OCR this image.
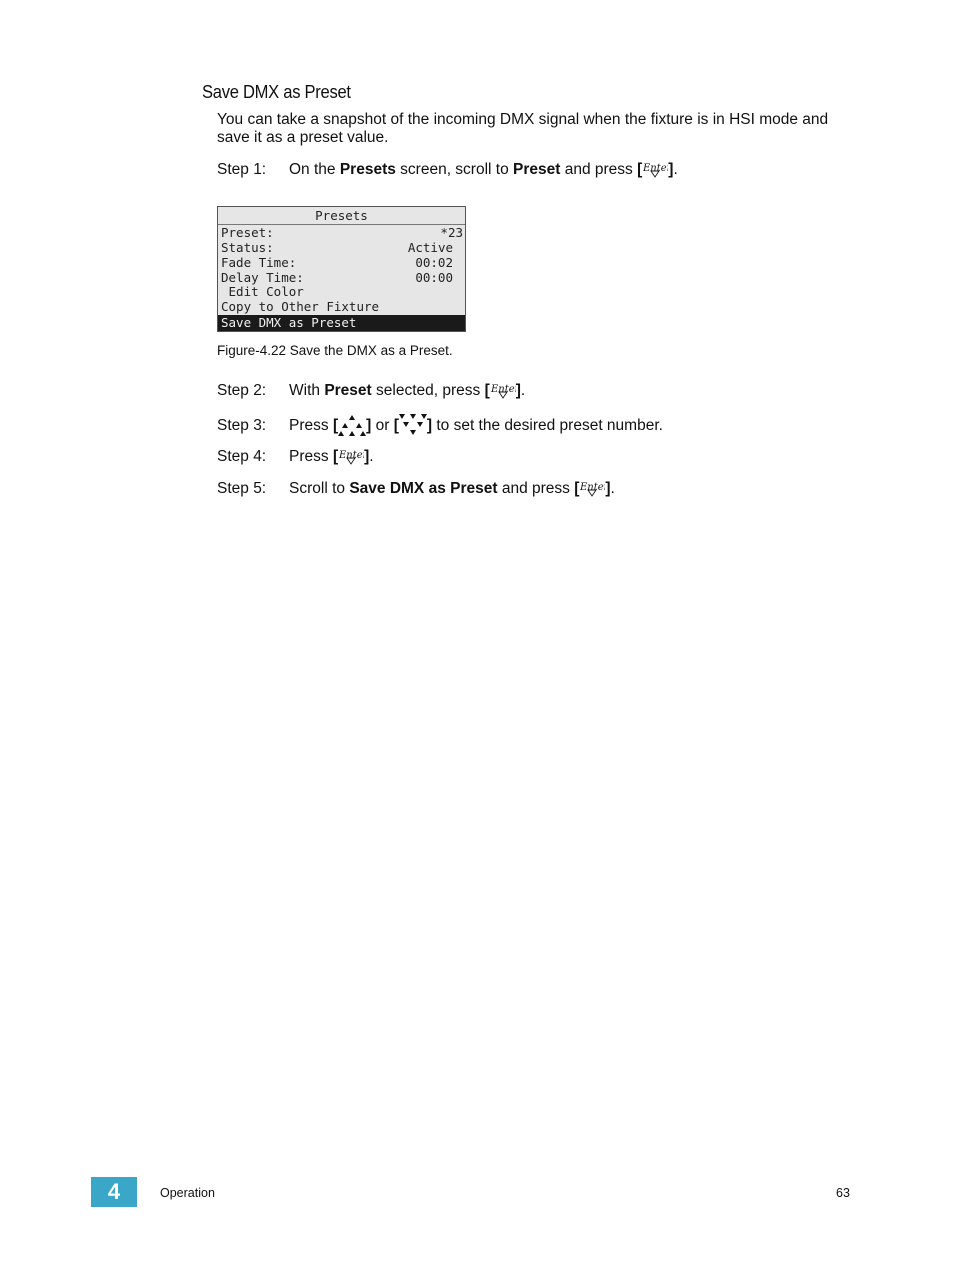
Save DMX as Preset
You can take a snapshot of the incoming DMX signal when the fixture is in HSI mode and save it as a preset value.
Step 1: On the Presets screen, scroll to Preset and press [ Ente ].
Presets
Preset:	*23
Status:	Active
Fade Time:	00:02
Delay Time:	00:00
Edit Color
Copy to Other Fixture
Save DMX as Preset
Figure-4.22 Save the DMX as a Preset.
Step 2: With Preset selected, press [ Ente ].
Step 3: Press [ ] or [ ] to set the desired preset number.
Step 4: Press [ Ente ].
Step 5: Scroll to Save DMX as Preset and press [ Ente ].
4	Operation	63
